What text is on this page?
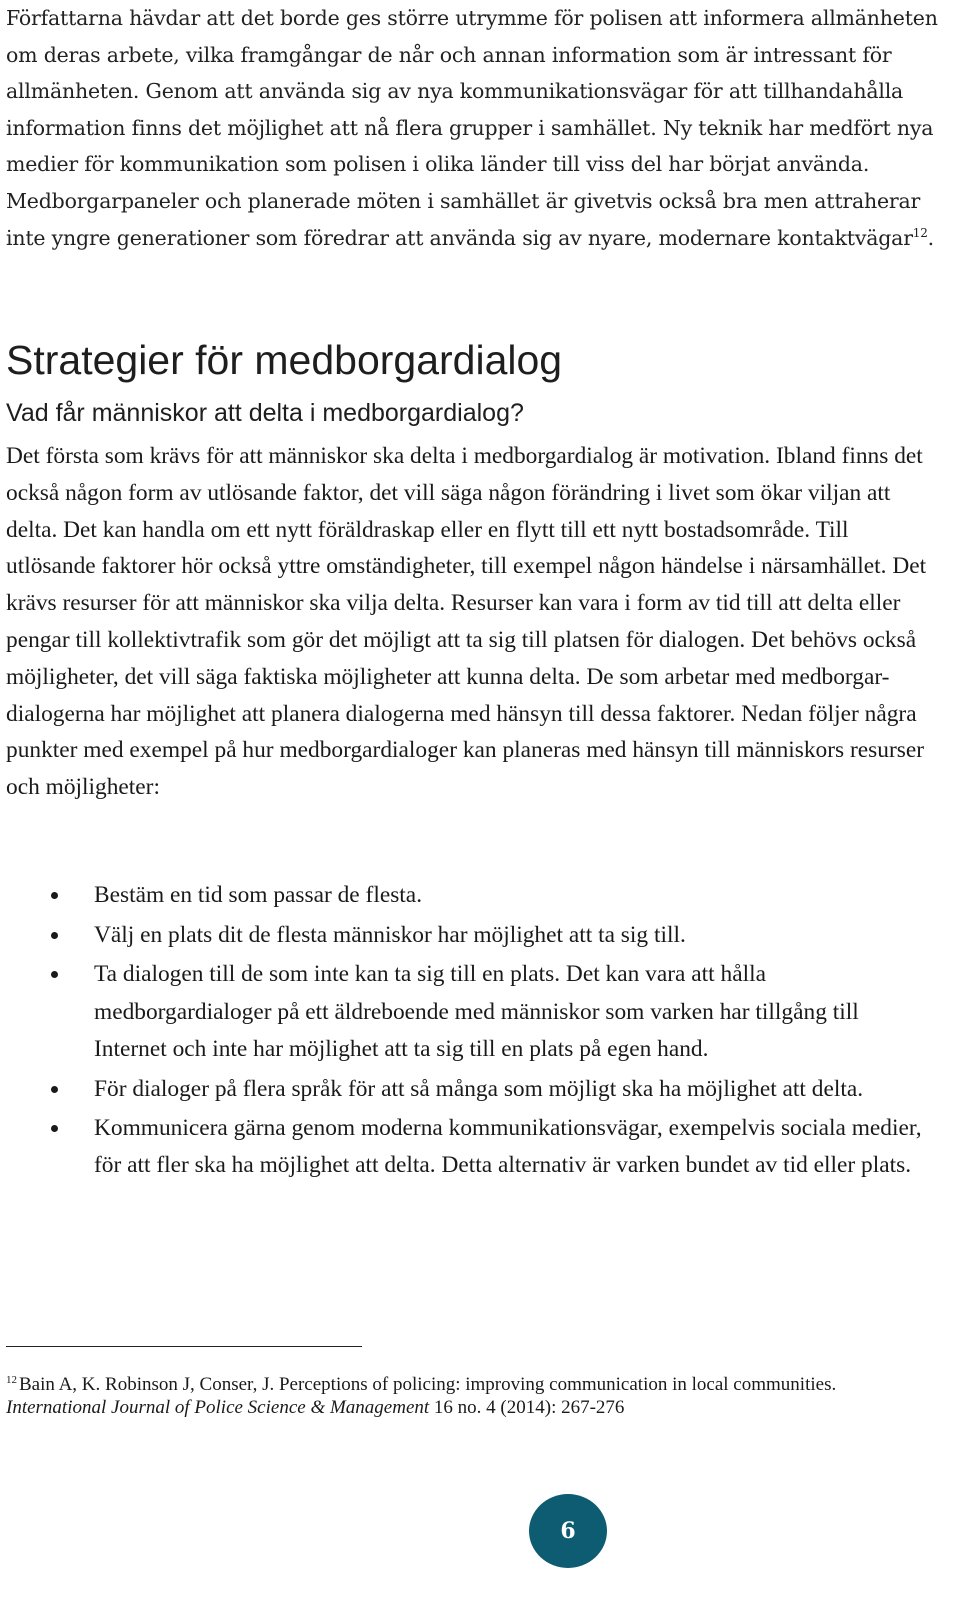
Författarna hävdar att det borde ges större utrymme för polisen att informera allmänheten om deras arbete, vilka framgångar de når och annan information som är intressant för allmänheten. Genom att använda sig av nya kommunikationsvägar för att tillhandahålla information finns det möjlighet att nå flera grupper i samhället. Ny teknik har medfört nya medier för kommunikation som polisen i olika länder till viss del har börjat använda. Medborgarpaneler och planerade möten i samhället är givetvis också bra men attraherar inte yngre generationer som föredrar att använda sig av nyare, modernare kontaktvägar$^{12}$.

Strategier för medborgardialog
Vad får människor att delta i medborgardialog?

Det första som krävs för att människor ska delta i medborgardialog är motivation. Ibland finns det också någon form av utlösande faktor, det vill säga någon förändring i livet som ökar viljan att delta. Det kan handla om ett nytt föräldraskap eller en flytt till ett nytt bostadsområde. Till utlösande faktorer hör också yttre omständigheter, till exempel någon händelse i närsamhället. Det krävs resurser för att människor ska vilja delta. Resurser kan vara i form av tid till att delta eller pengar till kollektivtrafik som gör det möjligt att ta sig till platsen för dialogen. Det behövs också möjligheter, det vill säga faktiska möjligheter att kunna delta. De som arbetar med medborgar-dialogerna har möjlighet att planera dialogerna med hänsyn till dessa faktorer. Nedan följer några punkter med exempel på hur medborgardialoger kan planeras med hänsyn till människors resurser och möjligheter:

Bestäm en tid som passar de flesta.
Välj en plats dit de flesta människor har möjlighet att ta sig till.
Ta dialogen till de som inte kan ta sig till en plats. Det kan vara att hålla medborgardialoger på ett äldreboende med människor som varken har tillgång till Internet och inte har möjlighet att ta sig till en plats på egen hand.
För dialoger på flera språk för att så många som möjligt ska ha möjlighet att delta.
Kommunicera gärna genom moderna kommunikationsvägar, exempelvis sociala medier, för att fler ska ha möjlighet att delta. Detta alternativ är varken bundet av tid eller plats.

$^{12}$ Bain A, K. Robinson J, Conser, J. Perceptions of policing: improving communication in local communities. International Journal of Police Science & Management 16 no. 4 (2014): 267-276

6
